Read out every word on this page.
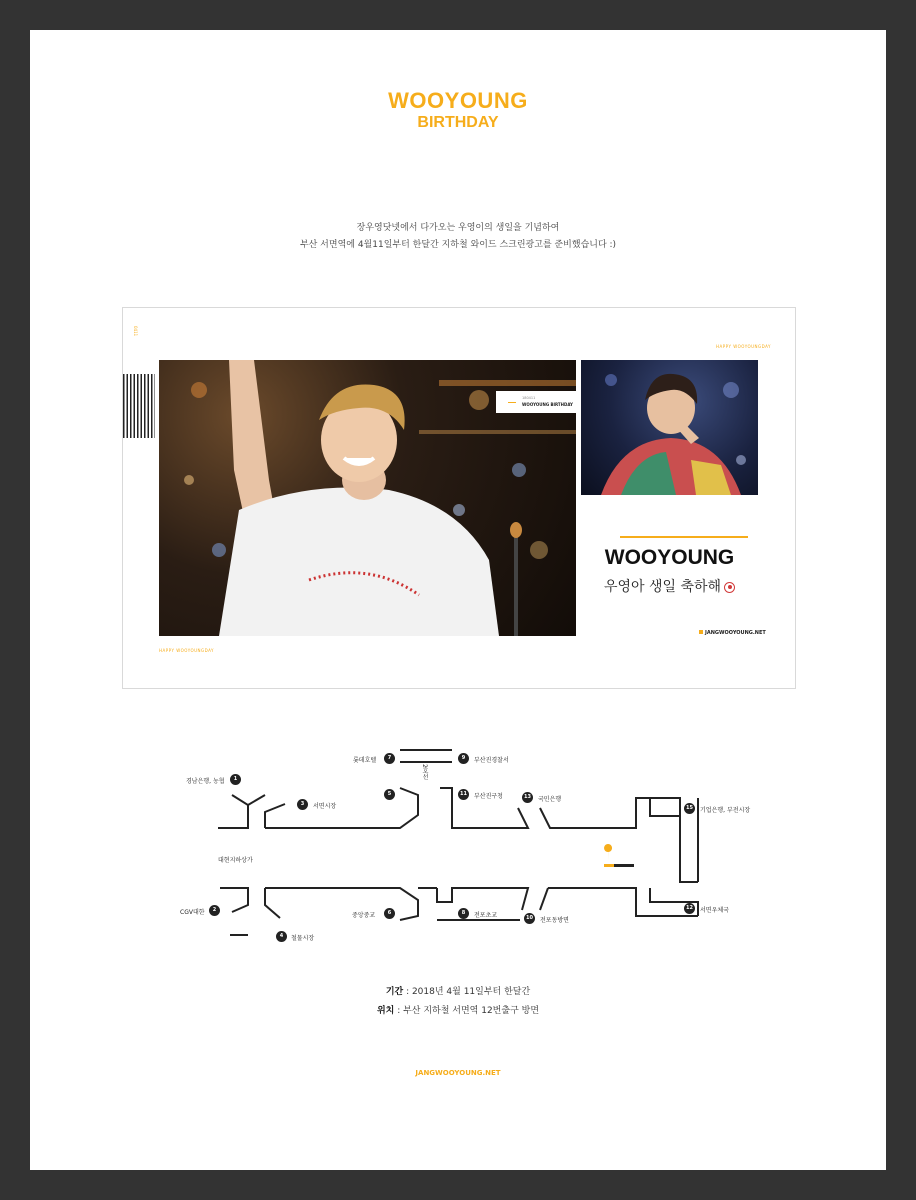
WOOYOUNG
BIRTHDAY
장우영닷넷에서 다가오는 우영이의 생일을 기념하여
부산 서면역에 4월11일부터 한달간 지하철 와이드 스크린광고를 준비했습니다 :)
0411
HAPPY WOOYOUNGDAY
HAPPY WOOYOUNGDAY
180411
WOOYOUNG BIRTHDAY
WOOYOUNG
우영아 생일 축하해
JANGWOOYOUNG.NET
2호선
대현지하상가
1
경남은행, 농협
2
CGV대한
3	서면시장
4	철물시장
5
6
중앙중교
7
롯데호텔
8	전포초교
9	부산진경찰서
10	전포동방면
11	부산진구청
12	서면우체국
13	국민은행
15	기업은행, 부전시장
기간 : 2018년 4월 11일부터 한달간
위치 : 부산 지하철 서면역 12번출구 방면
JANGWOOYOUNG.NET
